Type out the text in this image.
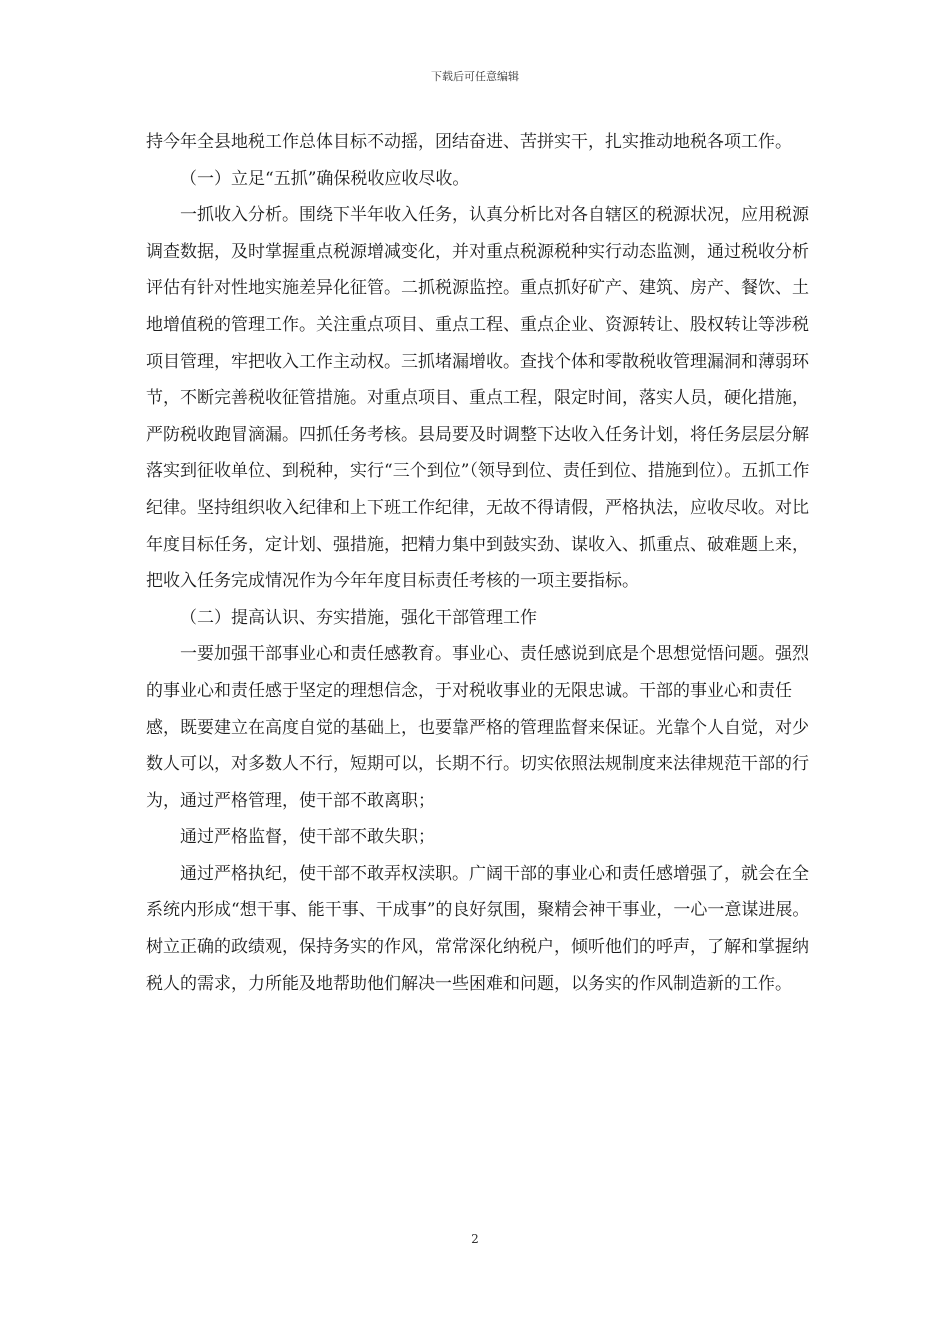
下载后可任意编辑

持今年全县地税工作总体目标不动摇，团结奋进、苦拼实干，扎实推动地税各项工作。

（一）立足“五抓”确保税收应收尽收。

一抓收入分析。围绕下半年收入任务，认真分析比对各自辖区的税源状况，应用税源调查数据，及时掌握重点税源增减变化，并对重点税源税种实行动态监测，通过税收分析评估有针对性地实施差异化征管。二抓税源监控。重点抓好矿产、建筑、房产、餐饮、土地增值税的管理工作。关注重点项目、重点工程、重点企业、资源转让、股权转让等涉税项目管理，牢把收入工作主动权。三抓堵漏增收。查找个体和零散税收管理漏洞和薄弱环节，不断完善税收征管措施。对重点项目、重点工程，限定时间，落实人员，硬化措施，严防税收跑冒滴漏。四抓任务考核。县局要及时调整下达收入任务计划，将任务层层分解落实到征收单位、到税种，实行“三个到位”（领导到位、责任到位、措施到位）。五抓工作纪律。坚持组织收入纪律和上下班工作纪律，无故不得请假，严格执法，应收尽收。对比年度目标任务，定计划、强措施，把精力集中到鼓实劲、谋收入、抓重点、破难题上来，把收入任务完成情况作为今年年度目标责任考核的一项主要指标。

（二）提高认识、夯实措施，强化干部管理工作

一要加强干部事业心和责任感教育。事业心、责任感说到底是个思想觉悟问题。强烈的事业心和责任感于坚定的理想信念，于对税收事业的无限忠诚。干部的事业心和责任感，既要建立在高度自觉的基础上，也要靠严格的管理监督来保证。光靠个人自觉，对少数人可以，对多数人不行，短期可以，长期不行。切实依照法规制度来法律规范干部的行为，通过严格管理，使干部不敢离职；

通过严格监督，使干部不敢失职；

通过严格执纪，使干部不敢弄权渎职。广阔干部的事业心和责任感增强了，就会在全系统内形成“想干事、能干事、干成事”的良好氛围，聚精会神干事业，一心一意谋进展。树立正确的政绩观，保持务实的作风，常常深化纳税户，倾听他们的呼声，了解和掌握纳税人的需求，力所能及地帮助他们解决一些困难和问题，以务实的作风制造新的工作。

2
